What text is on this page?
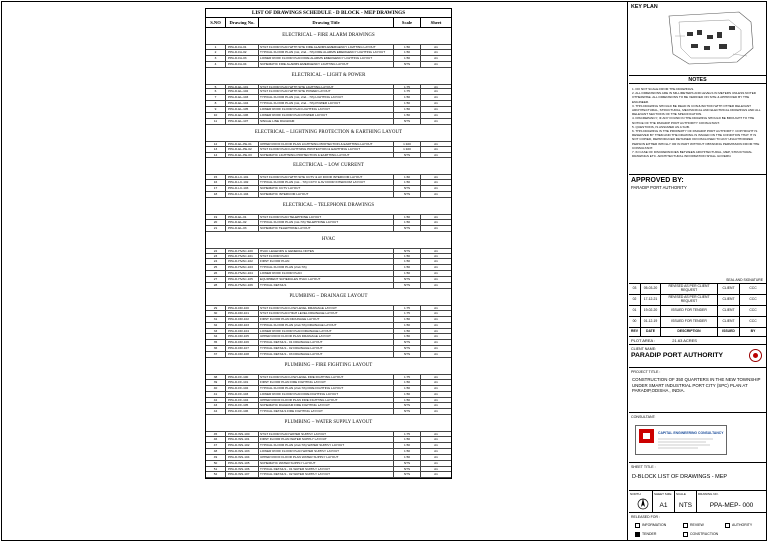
LIST OF DRAWINGS SCHEDULE - D BLOCK - MEP DRAWINGS
S.NO	Drawing No.	Drawing Title	Scale	Sheet
ELECTRICAL – FIRE ALARM DRAWINGS
1	PPA-D-FA-01	STILT FLOOR PLAN WITH SITE FIRE ALARMS EMERGENCY LIGHTING LAYOUT	1:50	A1
2	PPA-D-FA-02	TYPICAL FLOOR PLAN (1st, 2nd…7th) FIRE ALARMS EMERGENCY LIGHTING LAYOUT	1:50	A1
3	PPA-D-FA-03	LOWER ROOF FLOOR PLAN FIRE ALARMS EMERGENCY LIGHTING LAYOUT	1:50	A1
4	PPA-D-FA-04	SCHEMATIC FIRE ALARMS EMERGENCY LIGHTING LAYOUT	NTS	A1
ELECTRICAL – LIGHT & POWER
5	PPA-D-EL-101	STILT FLOOR PLAN WITH SITE LIGHTING LAYOUT	1:75	A1
6	PPA-D-EL-102	STILT FLOOR PLAN WITH SITE POWER LAYOUT	1:75	A1
7	PPA-D-EL-103	TYPICAL FLOOR PLAN (1st, 2nd…7th) LIGHTING LAYOUT	1:50	A1
8	PPA-D-EL-104	TYPICAL FLOOR PLAN (1st, 2nd…7th) POWER LAYOUT	1:50	A1
9	PPA-D-EL-105	LOWER ROOF FLOOR PLAN LIGHTING LAYOUT	1:50	A1
10	PPA-D-EL-106	LOWER ROOF FLOOR PLAN POWER LAYOUT	1:50	A1
11	PPA-D-EL-107	SINGLE LINE DIAGRAM	NTS	A1
ELECTRICAL – LIGHTNING PROTECTION & EARTHING LAYOUT
12	PPA-D-EL-PE-01	UPPER ROOF FLOOR PLAN LIGHTNING PROTECTION & EARTHING LAYOUT	1:100	A1
13	PPA-D-EL-PE-02	STILT FLOOR PLAN LIGHTNING PROTECTION & EARTHING LAYOUT	1:100	A1
14	PPA-D-EL-PE-03	SCHEMATIC LIGHTNING PROTECTION & EARTHING LAYOUT	NTS	A1
ELECTRICAL – LOW CURRENT
15	PPA-D-LC-101	STILT FLOOR PLAN WITH SITE CCTV & AV DOOR INTERCOM LAYOUT	1:60	A1
16	PPA-D-LC-102	TYPICAL FLOOR PLAN (1st…7th) CCTV & AV DOOR INTERCOM LAYOUT	1:50	A1
17	PPA-D-LC-103	SCHEMATIC CCTV LAYOUT	NTS	A1
18	PPA-D-LC-104	SCHEMATIC INTERCOM LAYOUT	NTS	A1
ELECTRICAL – TELEPHONE DRAWINGS
19	PPA-D-EL-01	STILT FLOOR PLAN TELEPHONE LAYOUT	1:50	A1
20	PPA-D-EL-02	TYPICAL FLOOR PLAN (1st-7th) TELEPHONE LAYOUT	1:50	A1
21	PPA-D-EL-03	SCHEMATIC TELEPHONE LAYOUT	NTS	A1
HVAC
22	PPA-D-HVAC-100	HVAC LEGENDS & GENERAL NOTES	NTS	A1
23	PPA-D-HVAC-101	STILT FLOOR PLAN	1:50	A1
24	PPA-D-HVAC-102	FIRST FLOOR PLAN	1:50	A1
25	PPA-D-HVAC-103	TYPICAL FLOOR PLAN (2nd-7th)	1:50	A1
26	PPA-D-HVAC-104	LOWER ROOF FLOOR PLAN	1:50	A1
27	PPA-D-HVAC-105	EQUIPMENT SCHEDULES HVAC LAYOUT	NTS	A1
28	PPA-D-HVAC-106	TYPICAL DETAILS	NTS	A1
PLUMBING – DRAINAGE LAYOUT
29	PPA-D-DR-100	STILT FLOOR PLAN LOW LEVEL DRAINAGE LAYOUT	1:75	A1
30	PPA-D-DR-101	STILT FLOOR PLAN HIGH LEVEL DRAINAGE LAYOUT	1:75	A1
31	PPA-D-DR-102	FIRST FLOOR PLAN DRAINAGE LAYOUT	1:50	A1
32	PPA-D-DR-103	TYPICAL FLOOR PLAN (2nd-7th) DRAINAGE LAYOUT	1:50	A1
33	PPA-D-DR-104	LOWER ROOF FLOOR PLAN DRAINAGE LAYOUT	1:50	A1
34	PPA-D-DR-105	UPPER ROOF FLOOR PLAN DRAINAGE LAYOUT	1:50	A1
35	PPA-D-DR-106	TYPICAL DETAILS - 01 DRAINAGE LAYOUT	NTS	A1
36	PPA-D-DR-107	TYPICAL DETAILS - 02 DRAINAGE LAYOUT	NTS	A1
37	PPA-D-DR-108	TYPICAL DETAILS - 03 DRAINAGE LAYOUT	NTS	A1
PLUMBING – FIRE FIGHTING LAYOUT
38	PPA-D-FF-100	STILT FLOOR PLAN LOW LEVEL FIRE FIGHTING LAYOUT	1:75	A1
39	PPA-D-FF-101	FIRST FLOOR PLAN FIRE FIGHTING LAYOUT	1:50	A1
40	PPA-D-FF-102	TYPICAL FLOOR PLAN (2nd-7th) FIRE FIGHTING LAYOUT	1:50	A1
41	PPA-D-FF-103	LOWER ROOF FLOOR PLAN FIRE FIGHTING LAYOUT	1:50	A1
42	PPA-D-FF-104	UPPER ROOF FLOOR PLAN FIRE FIGHTING LAYOUT	1:50	A1
43	PPA-D-FF-105	SCHEMATIC DIAGRAM FIRE FIGHTING LAYOUT	NTS	A1
44	PPA-D-FF-106	TYPICAL DETAILS FIRE FIGHTING LAYOUT	NTS	A1
PLUMBING – WATER SUPPLY LAYOUT
45	PPA-D-WS-100	STILT FLOOR PLAN WATER SUPPLY LAYOUT	1:75	A1
46	PPA-D-WS-101	FIRST FLOOR PLAN WATER SUPPLY LAYOUT	1:50	A1
47	PPA-D-WS-102	TYPICAL FLOOR PLAN (2nd-7th) WATER SUPPLY LAYOUT	1:50	A1
48	PPA-D-WS-103	LOWER ROOF FLOOR PLAN WATER SUPPLY LAYOUT	1:50	A1
49	PPA-D-WS-104	UPPER ROOF FLOOR PLAN WATER SUPPLY LAYOUT	1:50	A1
50	PPA-D-WS-105	SCHEMATIC WATER SUPPLY LAYOUT	NTS	A1
51	PPA-D-WS-106	TYPICAL DETAILS - 01 WATER SUPPLY LAYOUT	NTS	A1
52	PPA-D-WS-107	TYPICAL DETAILS - 02 WATER SUPPLY LAYOUT	NTS	A1
KEY PLAN
NOTES
1. DO NOT SCALE FROM THE DRAWINGS.
2. ALL DIMENSIONS ARE IN MILLIMETERS AND LEVELS IN METERS UNLESS NOTED OTHERWISE. ALL DIMENSIONS TO BE VERIFIED ON SITE & APPROVED BY THE ENGINEER.
3. THIS DRAWING SHOULD BE READ IN CONJUNCTION WITH OTHER RELEVANT ARCHITECTURAL, STRUCTURAL, MECHANICAL AND ELECTRICAL DRAWINGS AND ALL RELEVANT SECTIONS OF THE SPECIFICATION.
4. DISCREPANCY, IF ANY FOUND IN THE DRAWING SHOULD BE BROUGHT TO THE NOTICE OF THE PARADIP PORT AUTHORITY CONSULTANT.
5. QUESTIONS, IS ASSUMED AS A SUB.
6. THIS DRAWING IS THE PROPERTY OF PARADIP PORT AUTHORITY. COPYRIGHT IS RESERVED BY THEM AND THE DRAWING IS ISSUED ON THE CONDITION THAT IT IS NOT COPIED, REPRODUCED RETAINED OR DISCLOSED TO ANY UNAUTHORIZED PERSON EITHER WHOLLY OR IN PART WITHOUT OBTAINING PERMISSION FROM THE CONSULTANT.
7. IN CASE OF DISCREPANCIES BETWEEN ARCHITECTURAL, MEP, STRUCTURAL DRAWINGS ETC. ARCHITECTURAL INFORMATION SHALL GOVERN.
APPROVED BY:
PARADIP PORT AUTHORITY
SEAL AND SIGNATURE
03	05-03-20	REVISED AS PER CLIENT REQUEST	CLIENT	CCC
02	17-12-21	REVISED AS PER CLIENT REQUEST	CLIENT	CCC
01	19-02-20	ISSUED FOR TENDER	CLIENT	CCC
00	01-12-19	ISSUED FOR TENDER	CLIENT	CCC
REV	DATE	DESCRIPTION	ISSUED	BY
PLOT AREA :	21.63 ACRES
CLIENT NAME:
PARADIP PORT AUTHORITY
PROJECT TITLE :
CONSTRUCTION OF 350 QUARTERS IN THE NEW TOWNSHIP UNDER SMART INDUSTRIAL PORT CITY (SPC) PLAN AT PARADIP,ODISHA , INDIA.
CONSULTANT:
CAPITAL ENGINEERING CONSULTANCY
SHEET TITLE :
D-BLOCK LIST OF DRAWINGS - MEP
NORTH	SHEET SIZE
A1
SCALE
NTS
DRAWING NO.
PPA-MEP- 000
RELEASED FOR :
INFORMATION	REVIEW	AUTHORITY
TENDER	CONSTRUCTION
